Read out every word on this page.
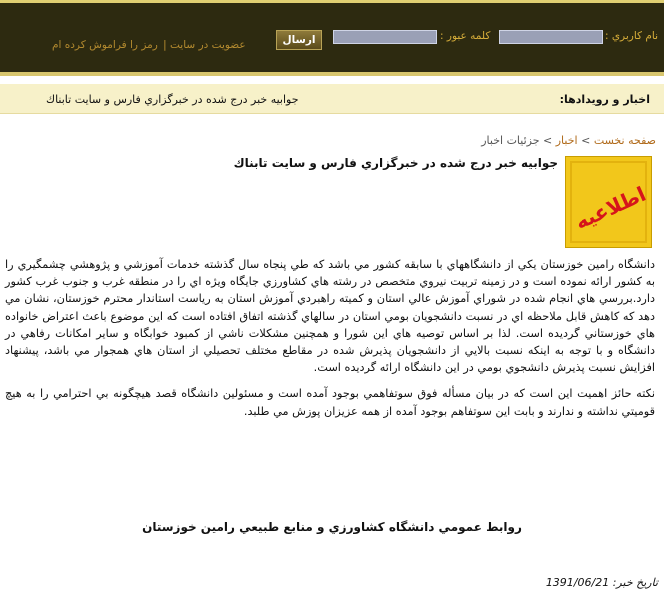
نام کاربري :
کلمه عبور :
ارسال
رمز را فراموش کرده ام | عضويت در سايت
اخبار و رويدادها:
جوابيه خبر درج شده در خبرگزاري فارس و سايت تابناك
صفحه نخست > اخبار > جزئيات اخبار
اطلاعیه
جوابيه خبر درج شده در خبرگزاري فارس و سايت تابناك

دانشگاه رامين خوزستان يکي از دانشگاههاي با سابقه کشور مي باشد که طي پنجاه سال گذشته خدمات آموزشي و پژوهشي چشمگيري را به کشور ارائه نموده است و در زمينه تربيت نيروي متخصص در رشته هاي کشاورزي جايگاه ويژه اي را در منطقه غرب و جنوب غرب کشور دارد.بررسي هاي انجام شده در شوراي آموزش عالي استان و کميته راهبردي آموزش استان به رياست استاندار محترم خوزستان، نشان مي دهد که کاهش قابل ملاحظه اي در نسبت دانشجويان بومي استان در سالهاي گذشته اتفاق افتاده است که اين موضوع باعث اعتراض خانواده هاي خوزستاني گرديده است. لذا بر اساس توصيه هاي اين شورا و همچنين مشکلات ناشي از کمبود خوابگاه و ساير امکانات رفاهي در دانشگاه و با توجه به اينکه نسبت بالايي از دانشجويان پذيرش شده در مقاطع مختلف تحصيلي از استان هاي همجوار مي باشد، پيشنهاد افزايش نسبت پذيرش دانشجوي بومي در اين دانشگاه ارائه گرديده است.

نکته حائز اهميت اين است که در بيان مسأله فوق سوتفاهمي بوجود آمده است و مسئولين دانشگاه قصد هيچگونه بي احترامي را به هيچ قوميتي نداشته و ندارند و بابت اين سوتفاهم بوجود آمده از همه عزيزان پوزش مي طلبد.

روابط عمومي دانشگاه کشاورزي و منابع طبيعي رامين خوزستان
تاريخ خبر: 1391/06/21
